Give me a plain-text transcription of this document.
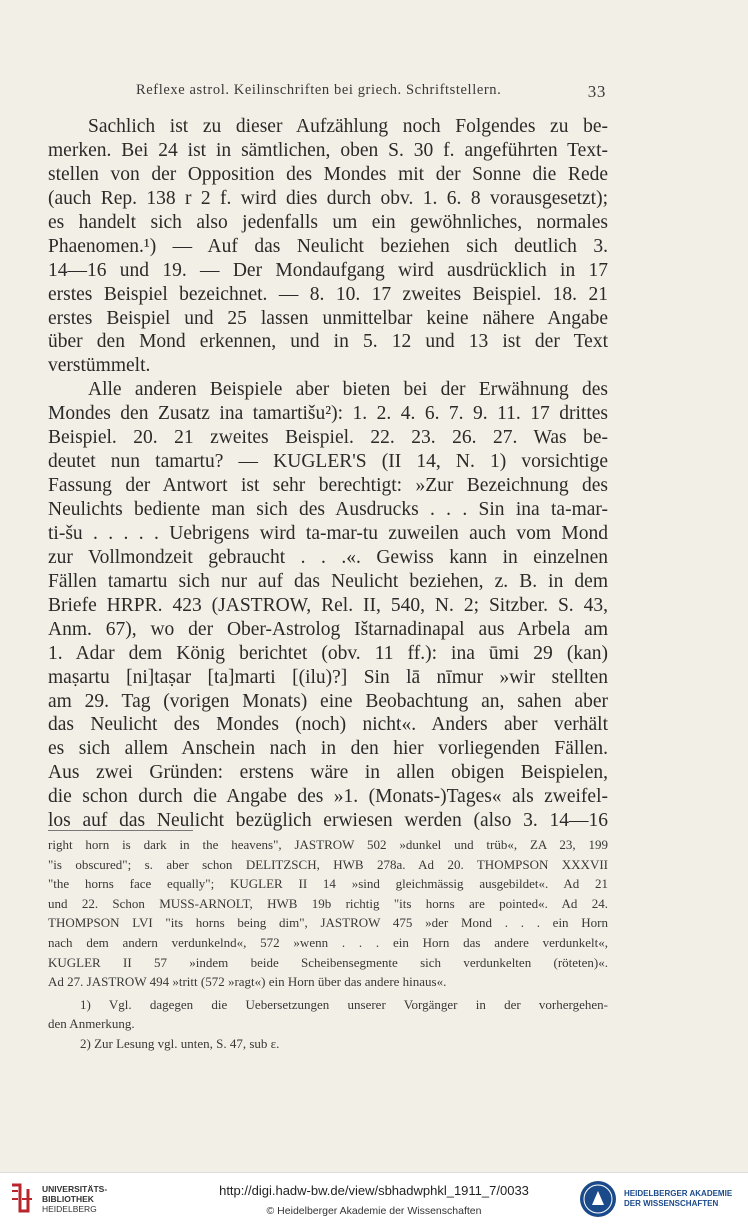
Reflexe astrol. Keilinschriften bei griech. Schriftstellern.	33
Sachlich ist zu dieser Aufzählung noch Folgendes zu be-
merken. Bei 24 ist in sämtlichen, oben S. 30 f. angeführten Text-
stellen von der Opposition des Mondes mit der Sonne die Rede
(auch Rep. 138 r 2 f. wird dies durch obv. 1. 6. 8 vorausgesetzt);
es handelt sich also jedenfalls um ein gewöhnliches, normales
Phaenomen.¹) — Auf das Neulicht beziehen sich deutlich 3.
14—16 und 19. — Der Mondaufgang wird ausdrücklich in 17
erstes Beispiel bezeichnet. — 8. 10. 17 zweites Beispiel. 18. 21
erstes Beispiel und 25 lassen unmittelbar keine nähere Angabe
über den Mond erkennen, und in 5. 12 und 13 ist der Text
verstümmelt.
Alle anderen Beispiele aber bieten bei der Erwähnung des
Mondes den Zusatz ina tamartišu²): 1. 2. 4. 6. 7. 9. 11. 17 drittes
Beispiel. 20. 21 zweites Beispiel. 22. 23. 26. 27. Was be-
deutet nun tamartu? — KUGLER'S (II 14, N. 1) vorsichtige
Fassung der Antwort ist sehr berechtigt: »Zur Bezeichnung des
Neulichts bediente man sich des Ausdrucks . . . Sin ina ta-mar-
ti-šu . . . . . Uebrigens wird ta-mar-tu zuweilen auch vom Mond
zur Vollmondzeit gebraucht . . .«. Gewiss kann in einzelnen
Fällen tamartu sich nur auf das Neulicht beziehen, z. B. in dem
Briefe HRPR. 423 (JASTROW, Rel. II, 540, N. 2; Sitzber. S. 43,
Anm. 67), wo der Ober-Astrolog Ištarnadinapal aus Arbela am
1. Adar dem König berichtet (obv. 11 ff.): ina ūmi 29 (kan)
maṣartu [ni]taṣar [ta]marti [(ilu)?] Sin lā nīmur »wir stellten
am 29. Tag (vorigen Monats) eine Beobachtung an, sahen aber
das Neulicht des Mondes (noch) nicht«. Anders aber verhält
es sich allem Anschein nach in den hier vorliegenden Fällen.
Aus zwei Gründen: erstens wäre in allen obigen Beispielen,
die schon durch die Angabe des »1. (Monats-)Tages« als zweifel-
los auf das Neulicht bezüglich erwiesen werden (also 3. 14—16
right horn is dark in the heavens", JASTROW 502 »dunkel und trüb«, ZA 23, 199
"is obscured"; s. aber schon DELITZSCH, HWB 278a. Ad 20. THOMPSON XXXVII
"the horns face equally"; KUGLER II 14 »sind gleichmässig ausgebildet«. Ad 21
und 22. Schon MUSS-ARNOLT, HWB 19b richtig "its horns are pointed«. Ad 24.
THOMPSON LVI "its horns being dim", JASTROW 475 »der Mond . . . ein Horn
nach dem andern verdunkelnd«, 572 »wenn . . . ein Horn das andere verdunkelt«,
KUGLER II 57 »indem beide Scheibensegmente sich verdunkelten (röteten)«.
Ad 27. JASTROW 494 »tritt (572 »ragt«) ein Horn über das andere hinaus«.
1) Vgl. dagegen die Uebersetzungen unserer Vorgänger in der vorhergehen-
den Anmerkung.
2) Zur Lesung vgl. unten, S. 47, sub ε.
UNIVERSITÄTS-
BIBLIOTHEK
HEIDELBERG
http://digi.hadw-bw.de/view/sbhadwphkl_1911_7/0033
© Heidelberger Akademie der Wissenschaften
HEIDELBERGER AKADEMIE
DER WISSENSCHAFTEN
